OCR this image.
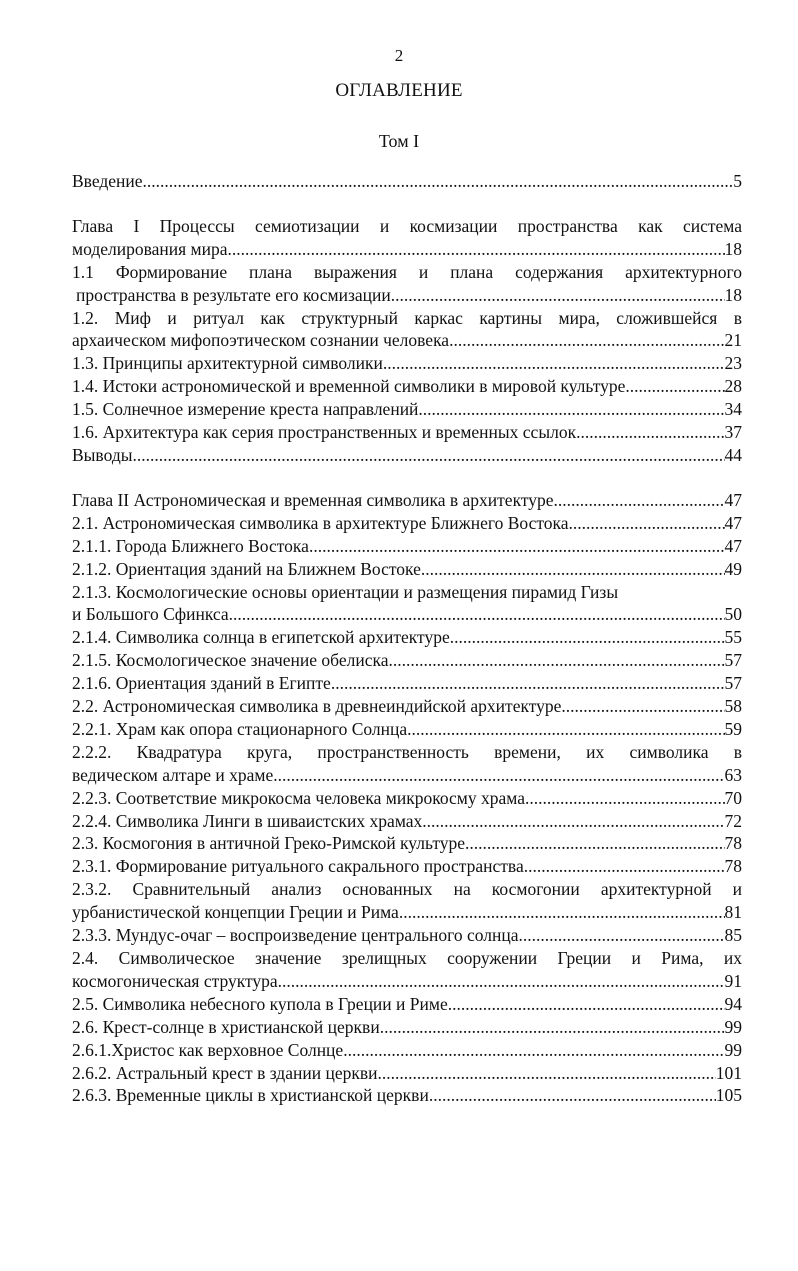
2
ОГЛАВЛЕНИЕ
Том I
Введение .....	5
Глава I Процессы семиотизации и космизации пространства как система
моделирования мира .....	18
1.1 Формирование плана выражения и плана содержания архитектурного
пространства в результате его космизации .....	18
1.2. Миф и ритуал как структурный каркас картины мира, сложившейся в
архаическом мифопоэтическом сознании человека .....	21
1.3. Принципы архитектурной символики .....	23
1.4. Истоки астрономической и временной символики в мировой культуре .....	28
1.5. Солнечное измерение креста направлений .....	34
1.6. Архитектура как серия пространственных и временных ссылок .....	37
Выводы .....	44
Глава II Астрономическая и временная символика в архитектуре .....	47
2.1. Астрономическая символика в архитектуре Ближнего Востока .....	47
2.1.1. Города Ближнего Востока .....	47
2.1.2. Ориентация зданий на Ближнем Востоке .....	49
2.1.3. Космологические основы ориентации и размещения пирамид Гизы
и Большого Сфинкса .....	50
2.1.4. Символика солнца в египетской архитектуре .....	55
2.1.5. Космологическое значение обелиска .....	57
2.1.6. Ориентация зданий в Египте .....	57
2.2. Астрономическая символика в древнеиндийской архитектуре .....	58
2.2.1. Храм как опора стационарного Солнца .....	59
2.2.2. Квадратура круга, пространственность времени, их символика в
ведическом алтаре и храме .....	63
2.2.3. Соответствие микрокосма человека микрокосму храма .....	70
2.2.4. Символика Линги в шиваистских храмах .....	72
2.3. Космогония в античной Греко-Римской культуре .....	78
2.3.1. Формирование ритуального сакрального пространства .....	78
2.3.2. Сравнительный анализ основанных на космогонии архитектурной и
урбанистической концепции Греции и Рима .....	81
2.3.3. Мундус-очаг – воспроизведение центрального солнца .....	85
2.4. Символическое значение зрелищных сооружении Греции и Рима, их
космогоническая структура .....	91
2.5. Символика небесного купола в Греции и Риме .....	94
2.6. Крест-солнце в христианской церкви .....	99
2.6.1.Христос как верховное Солнце .....	99
2.6.2. Астральный крест в здании церкви .....	101
2.6.3. Временные циклы в христианской церкви .....	105
